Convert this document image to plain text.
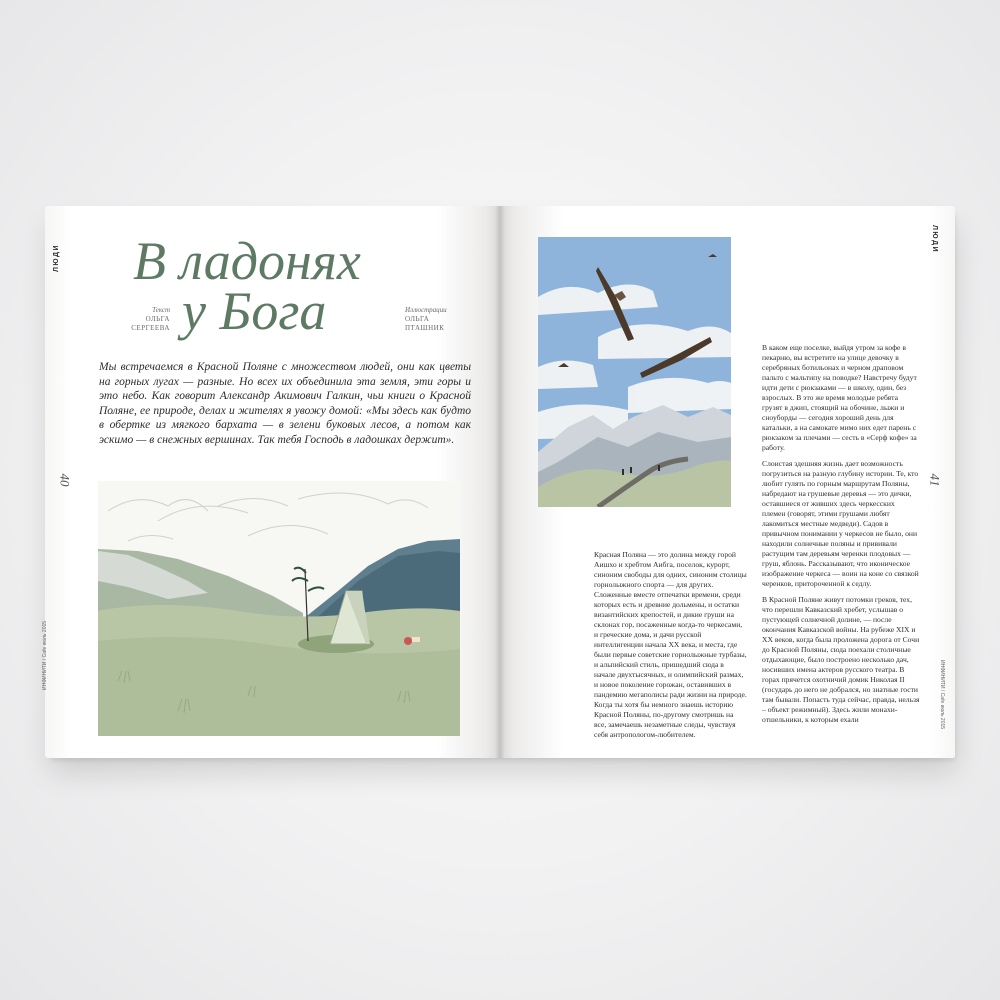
ЛЮДИ В ладонях
у Бога
Текст
ОЛЬГА
СЕРГЕЕВА
Иллюстрации
ОЛЬГА
ПТАШНИК

Мы встречаемся в Красной Поляне с множеством людей, они как цветы на горных лугах — разные. Но всех их объединила эта земля, эти горы и это небо. Как говорит Александр Акимович Галкин, чьи книги о Красной Поляне, ее природе, делах и жителях я увожу домой: «Мы здесь как будто в обертке из мягкого бархата — в зелени буковых лесов, а потом как эскимо — в снежных вершинах. Так тебя Господь в ладошках держит».

40
ИНФИНИТИ / Cafe июль 2015
ЛЮДИ
41
ИНФИНИТИ / Cafe июль 2015

Красная Поляна — это долина между горой Аишхо и хребтом Аибга, поселок, курорт, синоним свободы для одних, синоним столицы горнолыжного спорта — для других. Сложенные вместе отпечатки времени, среди которых есть и древние дольмены, и остатки византийских крепостей, и дикие груши на склонах гор, посаженные когда-то черкесами, и греческие дома, и дачи русской интеллигенции начала XX века, и места, где были первые советские горнолыжные турбазы, и альпийский стиль, пришедший сюда в начале двухтысячных, и олимпийский размах, и новое поколение горожан, оставивших в пандемию мегаполисы ради жизни на природе. Когда ты хотя бы немного знаешь историю Красной Поляны, по-другому смотришь на все, замечаешь незаметные следы, чувствуя себя антропологом-любителем.

В каком еще поселке, выйдя утром за кофе в пекарню, вы встретите на улице девочку в серебряных ботильонах и черном драповом пальто с мальтипу на поводке? Навстречу будут идти дети с рюкзаками — в школу, один, без взрослых. В это же время молодые ребята грузят в джип, стоящий на обочине, лыжи и сноуборды — сегодня хороший день для катальки, а на самокате мимо них едет парень с рюкзаком за плечами — сесть в «Серф кофе» за работу.

Слоистая здешняя жизнь дает возможность погрузиться на разную глубину истории. Те, кто любит гулять по горным маршрутам Поляны, набредают на грушевые деревья — это дички, оставшиеся от живших здесь черкесских племен (говорят, этими грушами любят лакомиться местные медведи). Садов в привычном понимании у черкесов не было, они находили солнечные поляны и прививали растущим там деревьям черенки плодовых — груш, яблонь. Рассказывают, что иконическое изображение черкеса — воин на коне со связкой черенков, притороченной к седлу.

В Красной Поляне живут потомки греков, тех, что перешли Кавказский хребет, услышав о пустующей солнечной долине, — после окончания Кавказской войны. На рубеже XIX и XX веков, когда была проложена дорога от Сочи до Красной Поляны, сюда поехали столичные отдыхающие, было построено несколько дач, носивших имена актеров русского театра. В горах прячется охотничий домик Николая II (государь до него не добрался, но знатные гости там бывали. Попасть туда сейчас, правда, нельзя – объект режимный). Здесь жили монахи-отшельники, к которым ехали
